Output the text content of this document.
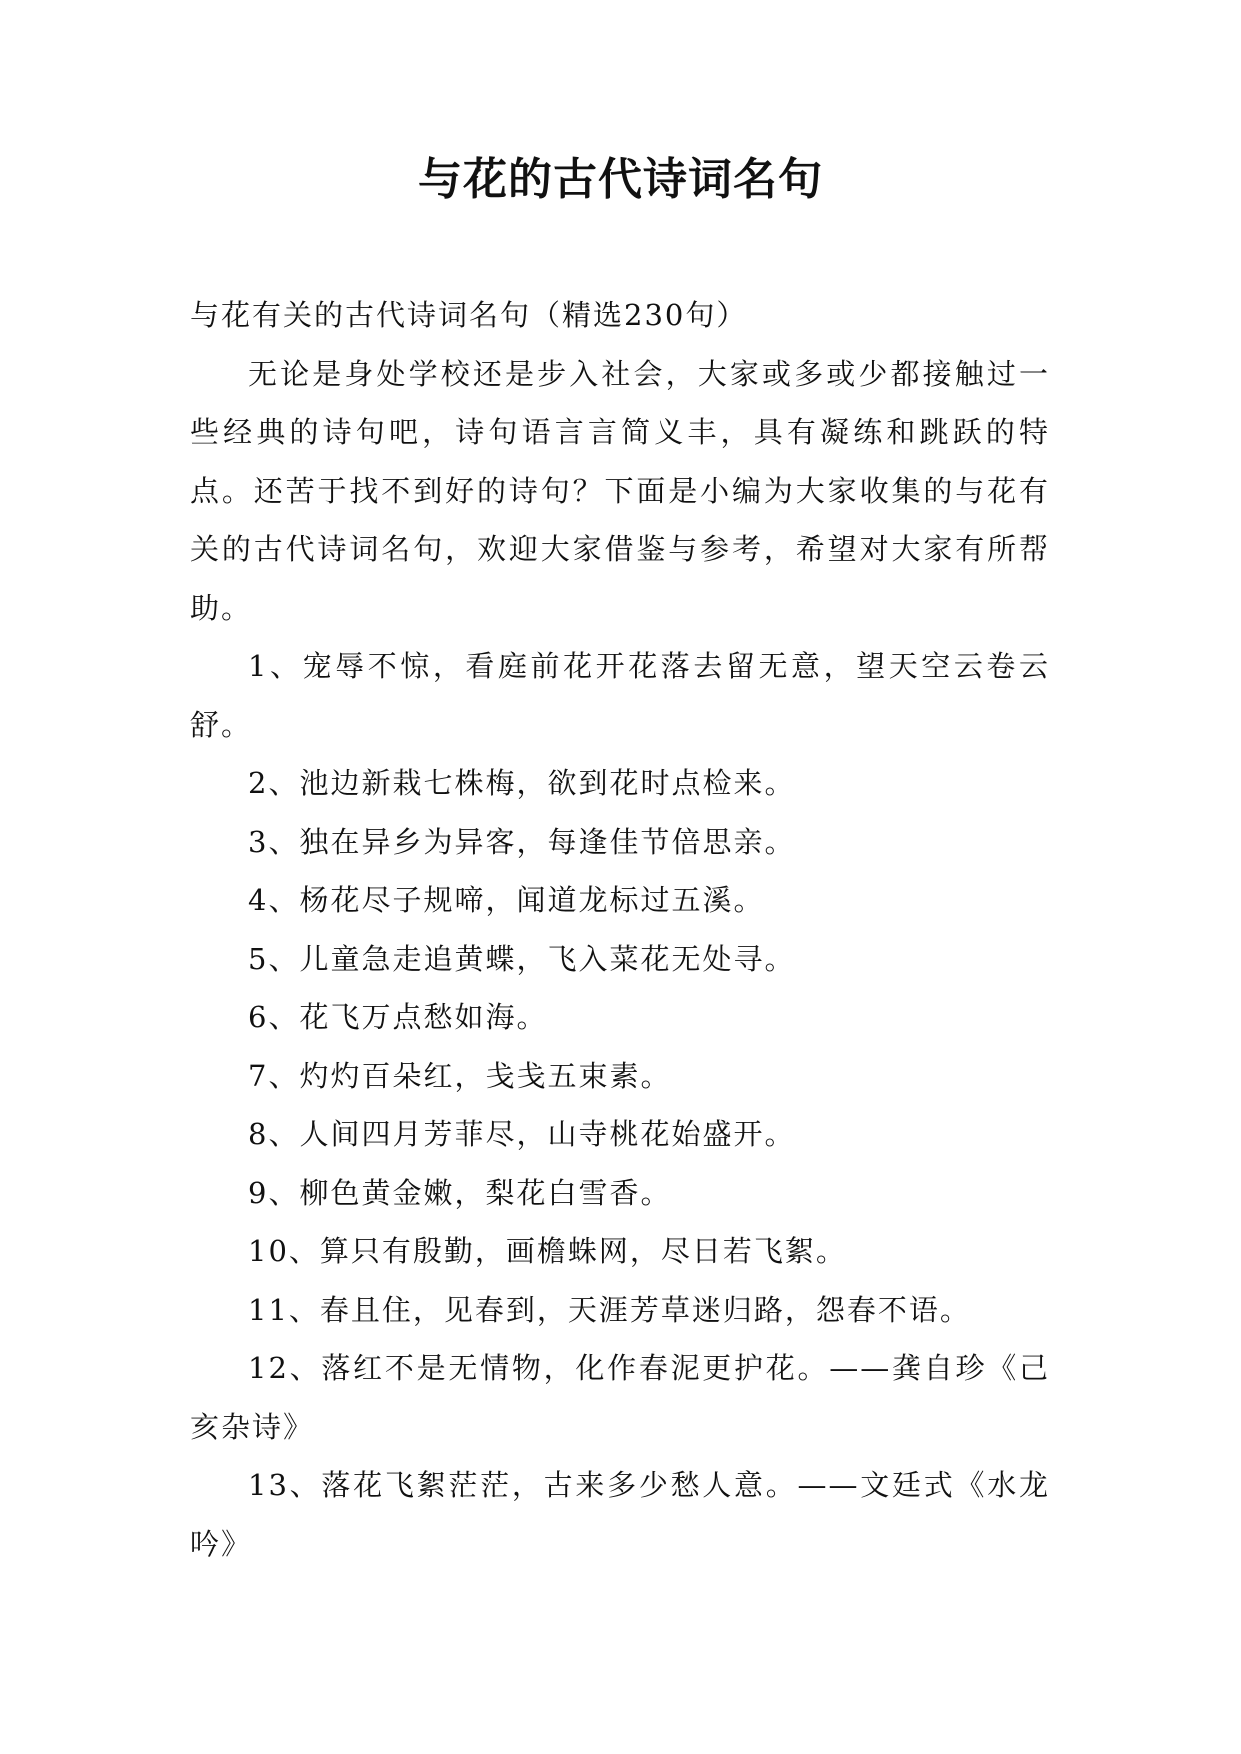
与花的古代诗词名句

与花有关的古代诗词名句（精选230句）

无论是身处学校还是步入社会，大家或多或少都接触过一些经典的诗句吧，诗句语言言简义丰，具有凝练和跳跃的特点。还苦于找不到好的诗句？下面是小编为大家收集的与花有关的古代诗词名句，欢迎大家借鉴与参考，希望对大家有所帮助。

1、宠辱不惊，看庭前花开花落去留无意，望天空云卷云舒。

2、池边新栽七株梅，欲到花时点检来。

3、独在异乡为异客，每逢佳节倍思亲。

4、杨花尽子规啼，闻道龙标过五溪。

5、儿童急走追黄蝶，飞入菜花无处寻。

6、花飞万点愁如海。

7、灼灼百朵红，戋戋五束素。

8、人间四月芳菲尽，山寺桃花始盛开。

9、柳色黄金嫩，梨花白雪香。

10、算只有殷勤，画檐蛛网，尽日若飞絮。

11、春且住，见春到，天涯芳草迷归路，怨春不语。

12、落红不是无情物，化作春泥更护花。——龚自珍《己亥杂诗》

13、落花飞絮茫茫，古来多少愁人意。——文廷式《水龙吟》
